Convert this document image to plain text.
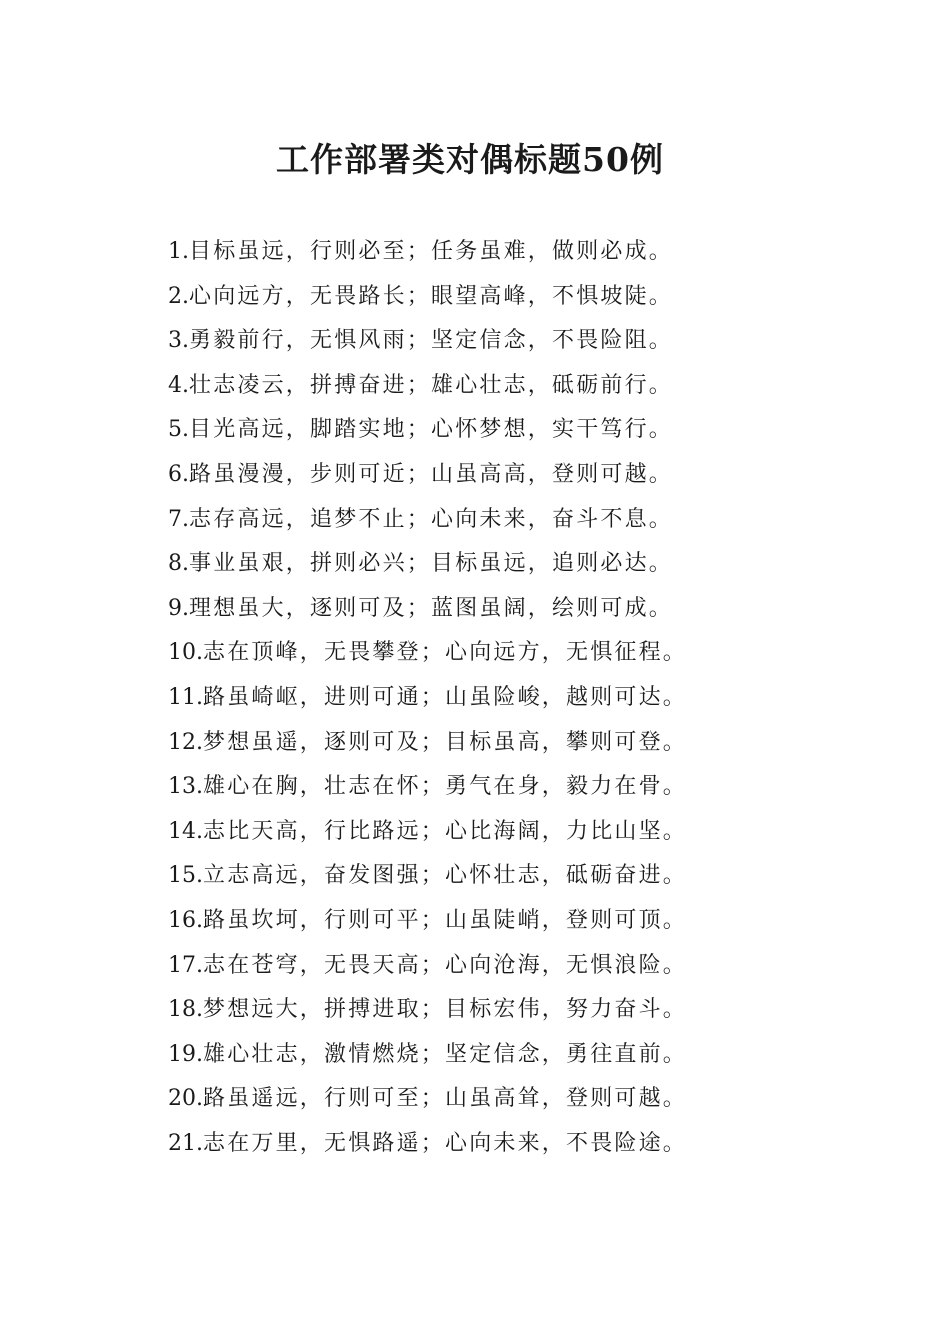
工作部署类对偶标题50例
1.目标虽远，行则必至；任务虽难，做则必成。
2.心向远方，无畏路长；眼望高峰，不惧坡陡。
3.勇毅前行，无惧风雨；坚定信念，不畏险阻。
4.壮志凌云，拼搏奋进；雄心壮志，砥砺前行。
5.目光高远，脚踏实地；心怀梦想，实干笃行。
6.路虽漫漫，步则可近；山虽高高，登则可越。
7.志存高远，追梦不止；心向未来，奋斗不息。
8.事业虽艰，拼则必兴；目标虽远，追则必达。
9.理想虽大，逐则可及；蓝图虽阔，绘则可成。
10.志在顶峰，无畏攀登；心向远方，无惧征程。
11.路虽崎岖，进则可通；山虽险峻，越则可达。
12.梦想虽遥，逐则可及；目标虽高，攀则可登。
13.雄心在胸，壮志在怀；勇气在身，毅力在骨。
14.志比天高，行比路远；心比海阔，力比山坚。
15.立志高远，奋发图强；心怀壮志，砥砺奋进。
16.路虽坎坷，行则可平；山虽陡峭，登则可顶。
17.志在苍穹，无畏天高；心向沧海，无惧浪险。
18.梦想远大，拼搏进取；目标宏伟，努力奋斗。
19.雄心壮志，激情燃烧；坚定信念，勇往直前。
20.路虽遥远，行则可至；山虽高耸，登则可越。
21.志在万里，无惧路遥；心向未来，不畏险途。
